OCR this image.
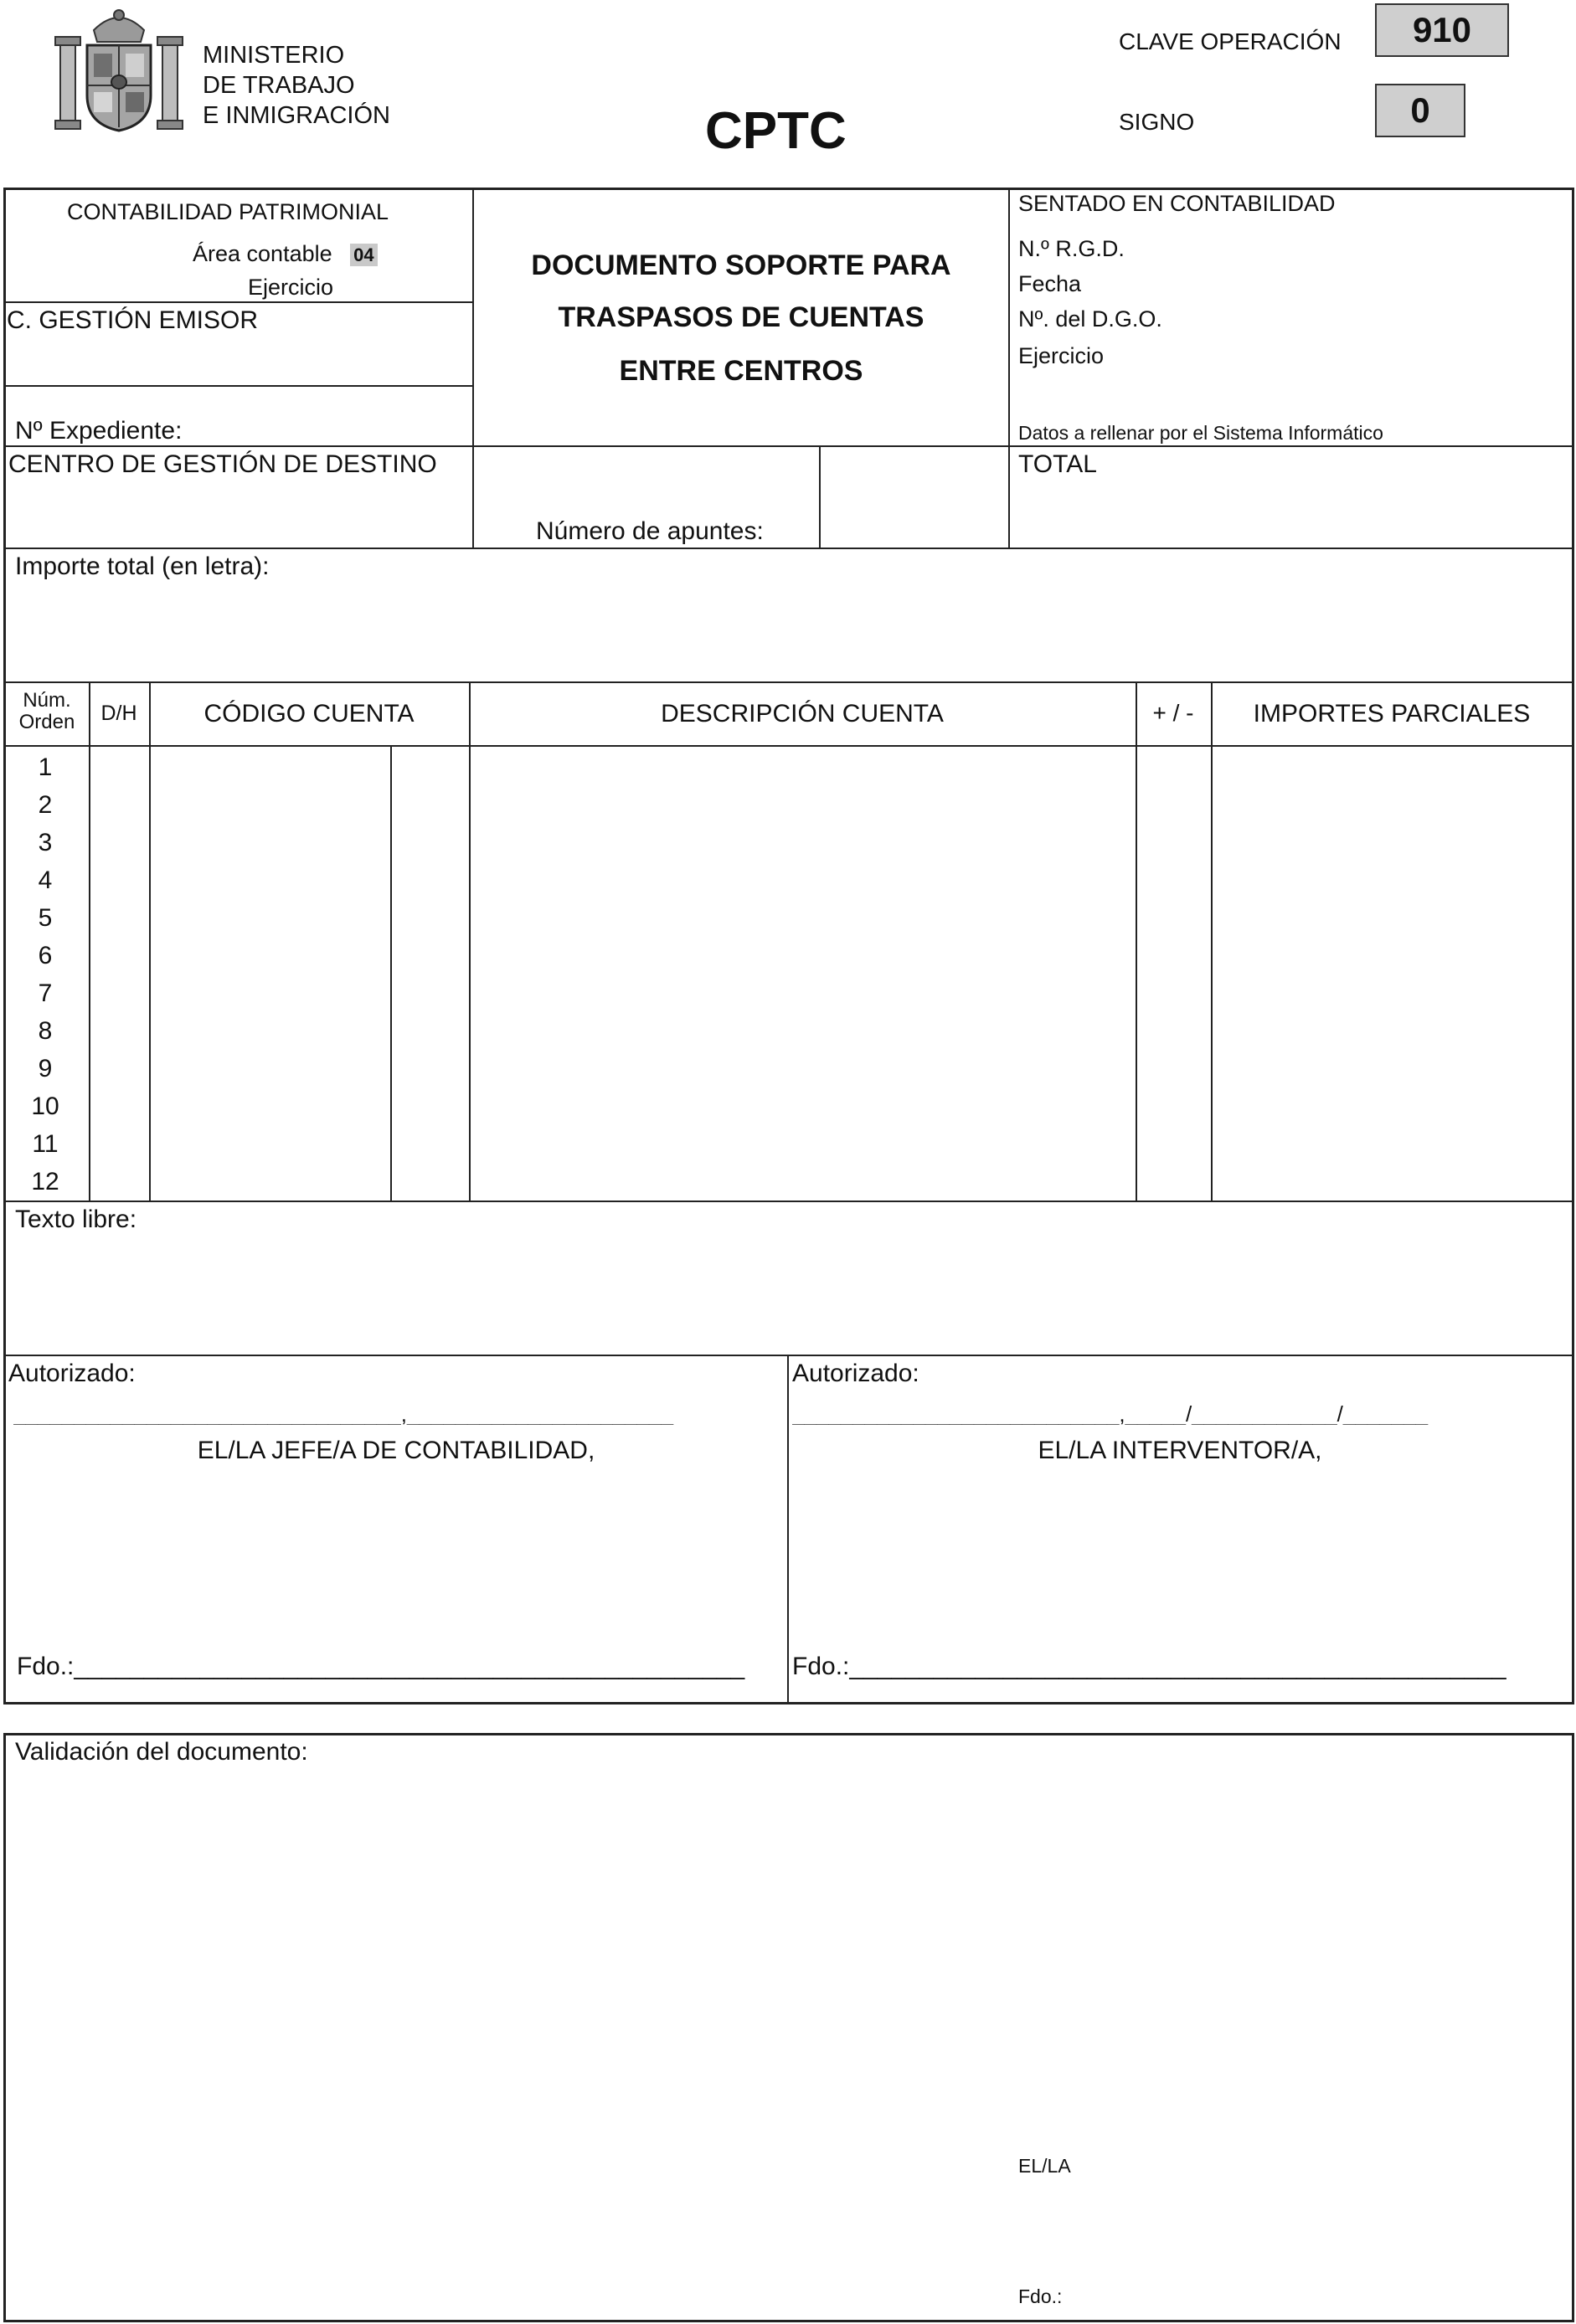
MINISTERIO
DE TRABAJO
E INMIGRACIÓN	CPTC
CLAVE OPERACIÓN 910
SIGNO	0
CONTABILIDAD PATRIMONIAL
Área contable 04
Ejercicio
C. GESTIÓN EMISOR
Nº Expediente:
DOCUMENTO SOPORTE PARA
TRASPASOS DE CUENTAS
ENTRE CENTROS
SENTADO EN CONTABILIDAD
N.º R.G.D.
Fecha
Nº. del D.G.O.
Ejercicio
Datos a rellenar por el Sistema Informático
CENTRO DE GESTIÓN DE DESTINO
Número de apuntes:
TOTAL
Importe total (en letra):
Núm.
Orden	D/H	CÓDIGO CUENTA	DESCRIPCIÓN CUENTA	+ / -	IMPORTES PARCIALES
1
2
3
4
5
6
7
8
9
10
11
12
Texto libre:
Autorizado:
________________________________,______________________
EL/LA JEFE/A DE CONTABILIDAD,
Fdo.:________________________________________________
Autorizado:
___________________________,_____/____________/_______
EL/LA INTERVENTOR/A,
Fdo.:_______________________________________________
Validación del documento:
EL/LA
Fdo.:
